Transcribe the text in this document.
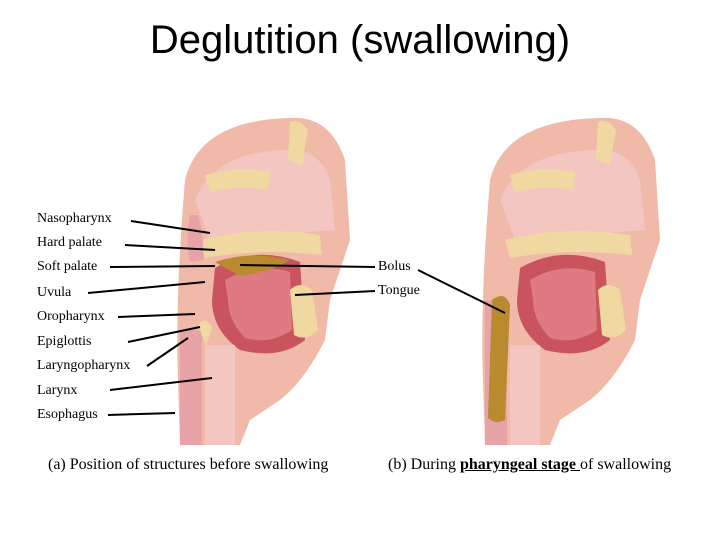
Deglutition (swallowing)
Nasopharynx
Hard palate
Soft palate
Uvula
Oropharynx
Epiglottis
Laryngopharynx
Larynx
Esophagus
Bolus
Tongue
(a) Position of structures before swallowing	(b) During pharyngeal stage of swallowing
